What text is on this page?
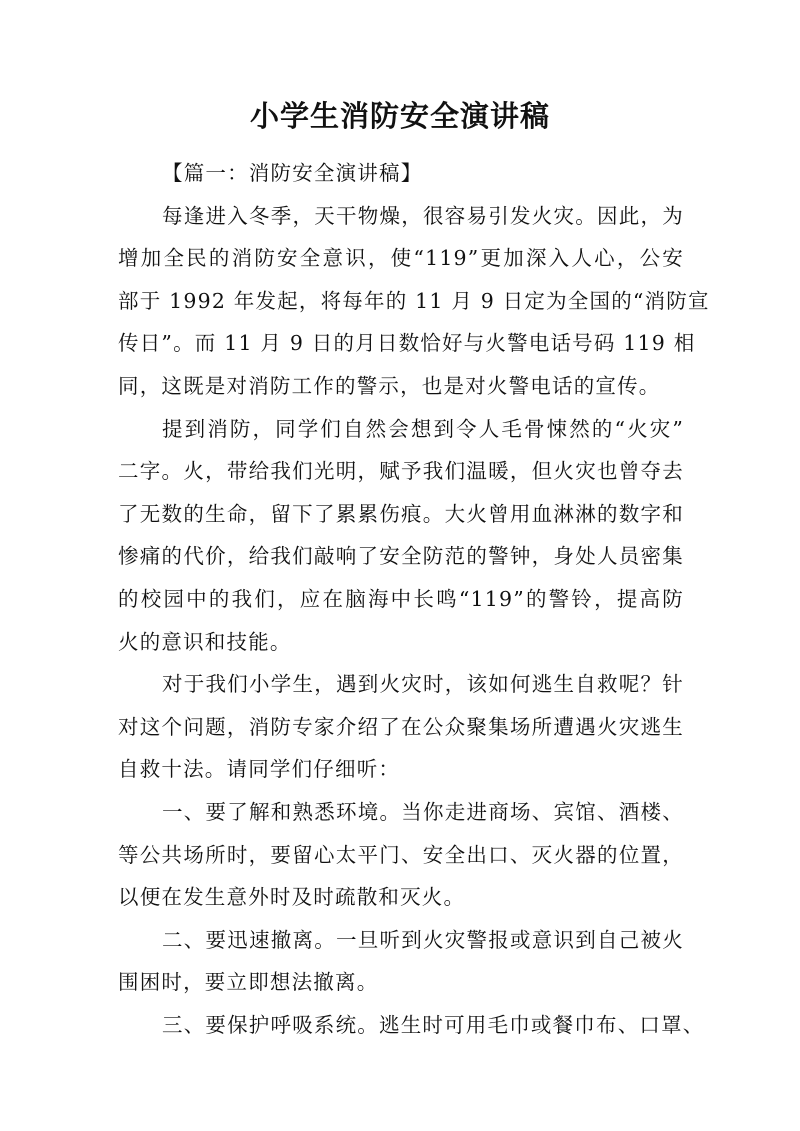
小学生消防安全演讲稿
【篇一：消防安全演讲稿】
每逢进入冬季，天干物燥，很容易引发火灾。因此，为
增加全民的消防安全意识，使“119”更加深入人心，公安
部于 1992 年发起，将每年的 11 月 9 日定为全国的“消防宣
传日”。而 11 月 9 日的月日数恰好与火警电话号码 119 相
同，这既是对消防工作的警示，也是对火警电话的宣传。
提到消防，同学们自然会想到令人毛骨悚然的“火灾”
二字。火，带给我们光明，赋予我们温暖，但火灾也曾夺去
了无数的生命，留下了累累伤痕。大火曾用血淋淋的数字和
惨痛的代价，给我们敲响了安全防范的警钟，身处人员密集
的校园中的我们，应在脑海中长鸣“119”的警铃，提高防
火的意识和技能。
对于我们小学生，遇到火灾时，该如何逃生自救呢？针
对这个问题，消防专家介绍了在公众聚集场所遭遇火灾逃生
自救十法。请同学们仔细听：
一、要了解和熟悉环境。当你走进商场、宾馆、酒楼、
等公共场所时，要留心太平门、安全出口、灭火器的位置，
以便在发生意外时及时疏散和灭火。
二、要迅速撤离。一旦听到火灾警报或意识到自己被火
围困时，要立即想法撤离。
三、要保护呼吸系统。逃生时可用毛巾或餐巾布、口罩、
